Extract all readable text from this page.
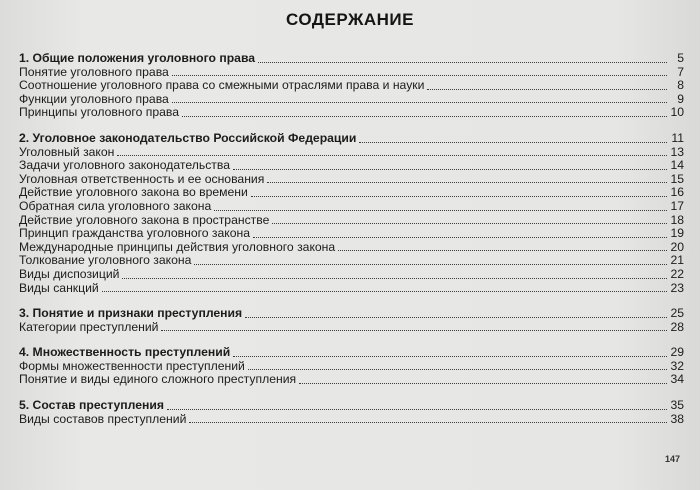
СОДЕРЖАНИЕ
1. Общие положения уголовного права	5
Понятие уголовного права	7
Соотношение уголовного права со смежными отраслями права и науки	8
Функции уголовного права	9
Принципы уголовного права	10
2. Уголовное законодательство Российской Федерации	11
Уголовный закон	13
Задачи уголовного законодательства	14
Уголовная ответственность и ее основания	15
Действие уголовного закона во времени	16
Обратная сила уголовного закона	17
Действие уголовного закона в пространстве	18
Принцип гражданства уголовного закона	19
Международные принципы действия уголовного закона	20
Толкование уголовного закона	21
Виды диспозиций	22
Виды санкций	23
3. Понятие и признаки преступления	25
Категории преступлений	28
4. Множественность преступлений	29
Формы множественности преступлений	32
Понятие и виды единого сложного преступления	34
5. Состав преступления	35
Виды составов преступлений	38
147
